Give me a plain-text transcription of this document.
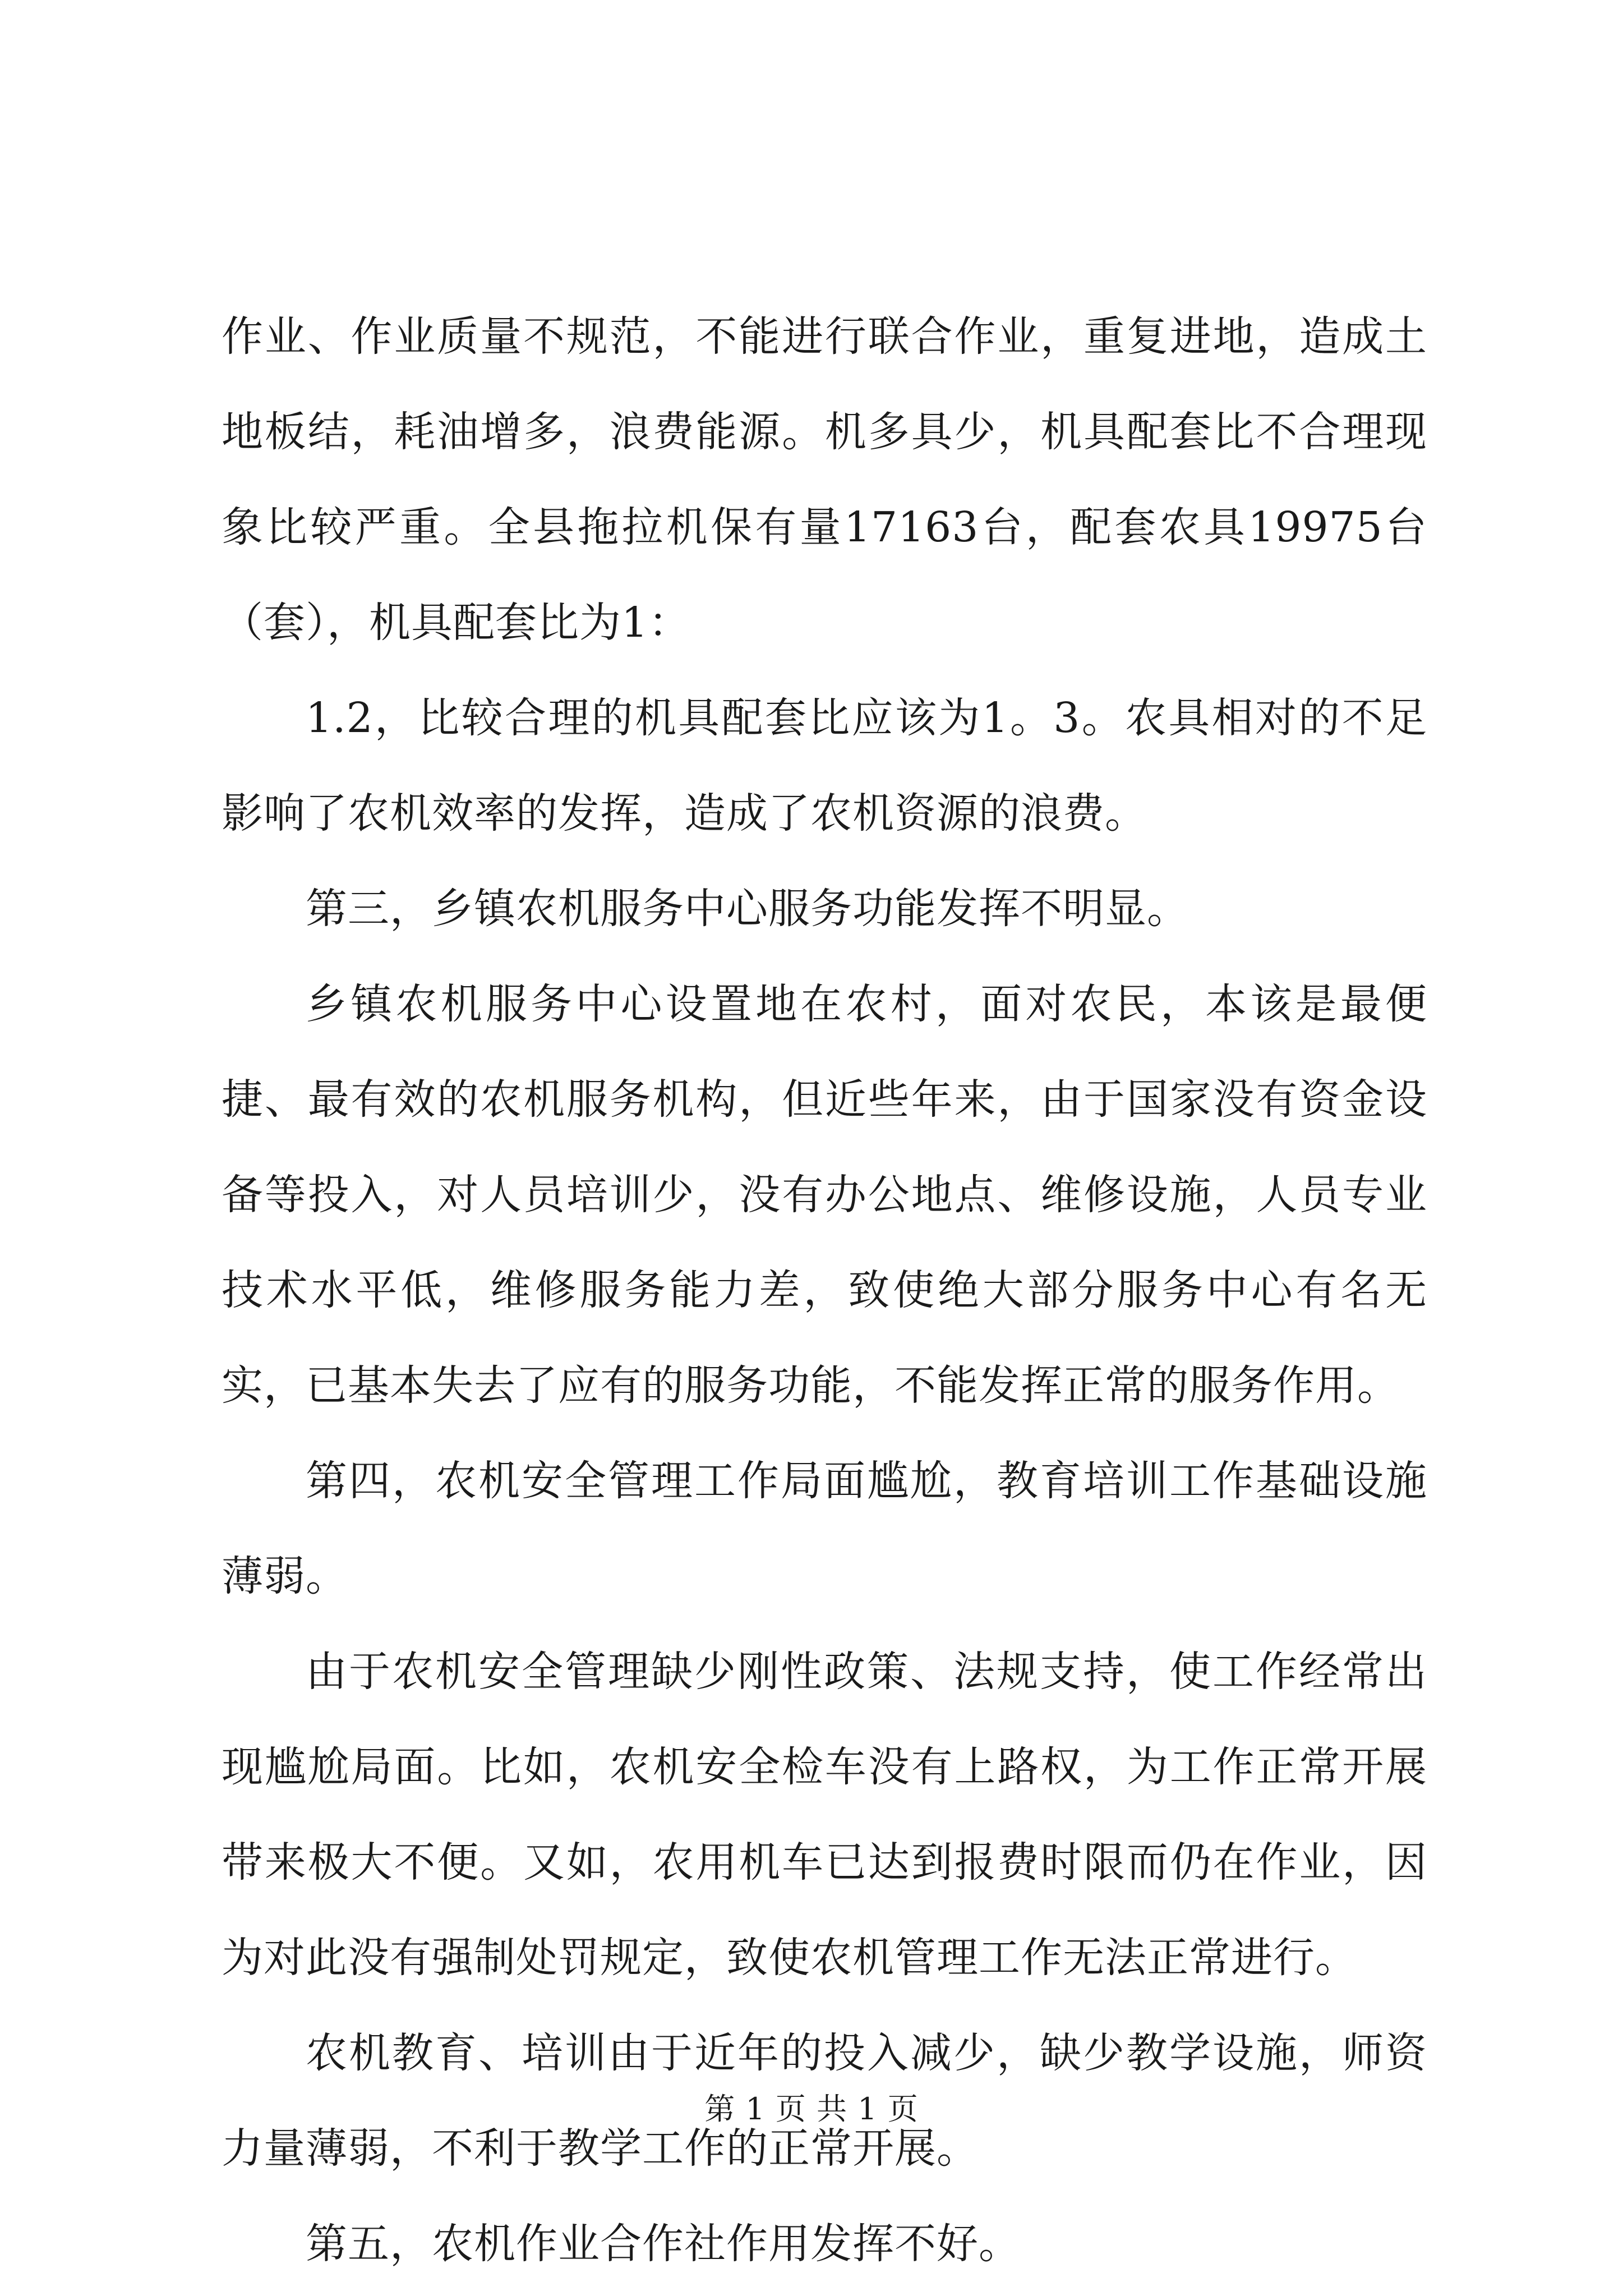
作业、作业质量不规范，不能进行联合作业，重复进地，造成土地板结，耗油增多，浪费能源。机多具少，机具配套比不合理现象比较严重。全县拖拉机保有量17163台，配套农具19975台（套），机具配套比为1：

1.2，比较合理的机具配套比应该为1。3。农具相对的不足影响了农机效率的发挥，造成了农机资源的浪费。

第三，乡镇农机服务中心服务功能发挥不明显。

乡镇农机服务中心设置地在农村，面对农民，本该是最便捷、最有效的农机服务机构，但近些年来，由于国家没有资金设备等投入，对人员培训少，没有办公地点、维修设施，人员专业技术水平低，维修服务能力差，致使绝大部分服务中心有名无实，已基本失去了应有的服务功能，不能发挥正常的服务作用。

第四，农机安全管理工作局面尴尬，教育培训工作基础设施薄弱。

由于农机安全管理缺少刚性政策、法规支持，使工作经常出现尴尬局面。比如，农机安全检车没有上路权，为工作正常开展带来极大不便。又如，农用机车已达到报费时限而仍在作业，因为对此没有强制处罚规定，致使农机管理工作无法正常进行。

农机教育、培训由于近年的投入减少，缺少教学设施，师资力量薄弱，不利于教学工作的正常开展。

第五，农机作业合作社作用发挥不好。

第 1 页 共 1 页
